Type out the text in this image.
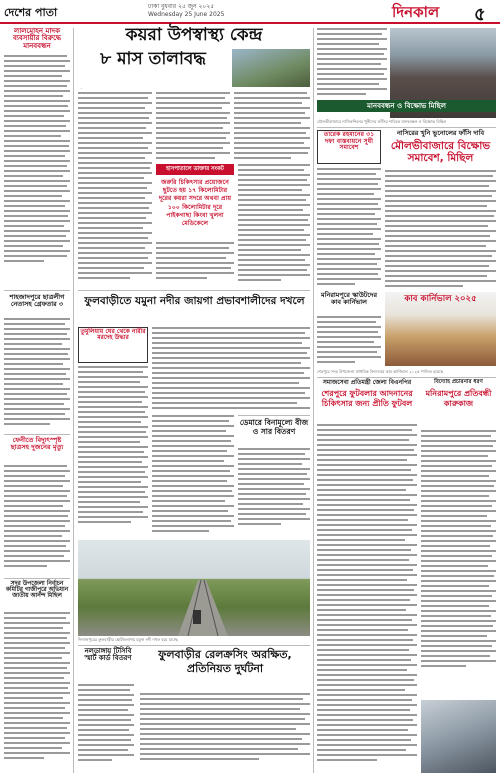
দেশের পাতা	ঢাকা বুধবার ২৫ জুন ২০২৫
Wednesday 25 June 2025	দিনকাল ৫
লালমোহন মাদক ব্যবসায়ীর বিরুদ্ধে মানববন্ধন
শাহজাদপুরে ছাত্রলীগ নেতাসহ গ্রেফতার ৩
ফেনীতে বিদ্যুৎস্পৃষ্ট ছাত্রসহ দুজনের মৃত্যু
সদর উপজেলা নির্বাচন কমিটির গাজীপুরে অভিযান জাতীয় আনন্দ মিছিল
কয়রা উপস্বাস্থ্য কেন্দ্র
৮ মাস তালাবদ্ধ
হাসপাতালে ডাক্তার সংকট
জরুরি চিকিৎসার প্রয়োজনে ছুটতে হয় ১৭ কিলোমিটার দূরের কয়রা সদরে অথবা প্রায় ১০০ কিলোমিটার দূরে পাইকগাছা কিংবা খুলনা মেডিকেলে
ফুলবাড়ীতে যমুনা নদীর জায়গা প্রভাবশালীদের দখলে
তুমুলিয়ায় ঘের থেকে নারীর মরদেহ উদ্ধার
দিনাজপুরের ফুলবাড়ীর ছোটজলাশয় যমুনা নদী দখল হয়ে যাচ্ছে
নলডাঙ্গায় টিসিবি স্মার্ট কার্ড বিতরণ	ফুলবাড়ীর রেলক্রসিং অরক্ষিত, প্রতিনিয়ত দুর্ঘটনা
মানববন্ধন ও বিক্ষোভ মিছিল
মৌলভীবাজারে নাসিরুদ্দিনের খুনীদের ফাঁসির দাবিতে মানববন্ধন ও বিক্ষোভ মিছিল
তারেক রহমানের ৩১ দফা বাস্তবায়নে সুধী সমাবেশ
নাসিরের খুনি ভুনোলের ফাঁসি দাবি
মৌলভীবাজারে বিক্ষোভ সমাবেশ, মিছিল
কাব কার্নিভাল ২০২৫
শেরপুরে সদর উপজেলা প্রাথমিক বিদ্যালয়ে কাব কার্নিভাল ২০২৫ পালিত হয়েছে
মনিরামপুরে স্কাউটদের কাব কার্নিভাল
সমাজসেবা প্রতিমন্ত্রী জেলা বিএনপির
শেরপুরে ফুটবলার আদনানের চিকিৎসার জন্য প্রীতি ফুটবল
বিদ্যোহ প্রচারনার ধরণ
মনিরামপুরে প্রতিবন্ধী কারুকাজ
ডেমারে বিনামূল্যে বীজ ও সার বিতরণ
